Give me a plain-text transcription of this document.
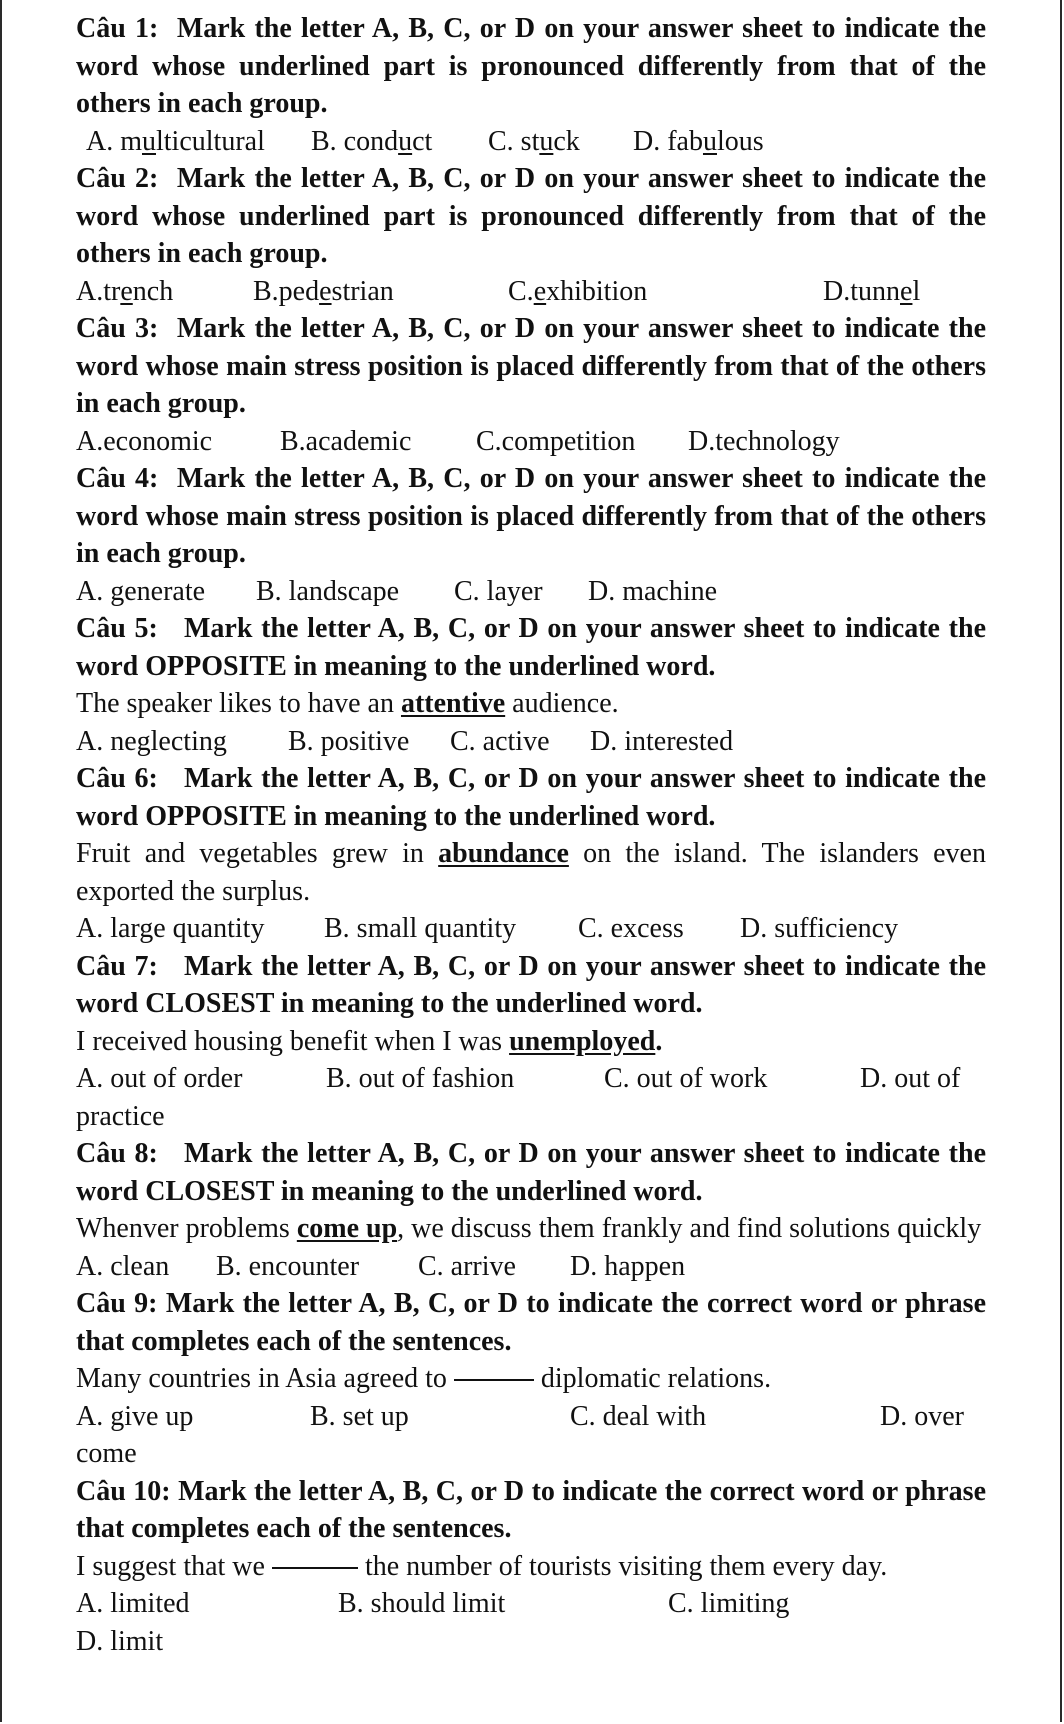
Câu 1: Mark the letter A, B, C, or D on your answer sheet to indicate the word whose underlined part is pronounced differently from that of the others in each group.

A. multicultural B. conduct C. stuck D. fabulous

Câu 2: Mark the letter A, B, C, or D on your answer sheet to indicate the word whose underlined part is pronounced differently from that of the others in each group.

A.trench	B.pedestrian	C.exhibition	D.tunnel

Câu 3: Mark the letter A, B, C, or D on your answer sheet to indicate the word whose main stress position is placed differently from that of the others in each group.

A.economic B.academic C.competition D.technology

Câu 4: Mark the letter A, B, C, or D on your answer sheet to indicate the word whose main stress position is placed differently from that of the others in each group.

A. generate B. landscape C. layer D. machine

Câu 5: Mark the letter A, B, C, or D on your answer sheet to indicate the word OPPOSITE in meaning to the underlined word.

The speaker likes to have an attentive audience.

A. neglecting B. positive C. active D. interested

Câu 6: Mark the letter A, B, C, or D on your answer sheet to indicate the word OPPOSITE in meaning to the underlined word.

Fruit and vegetables grew in abundance on the island. The islanders even exported the surplus.

A. large quantity B. small quantity C. excess D. sufficiency

Câu 7: Mark the letter A, B, C, or D on your answer sheet to indicate the word CLOSEST in meaning to the underlined word.

I received housing benefit when I was unemployed.

A. out of order	B. out of fashion	C. out of work	D. out of practice

Câu 8: Mark the letter A, B, C, or D on your answer sheet to indicate the word CLOSEST in meaning to the underlined word.

Whenver problems come up, we discuss them frankly and find solutions quickly

A. clean B. encounter C. arrive D. happen

Câu 9: Mark the letter A, B, C, or D to indicate the correct word or phrase that completes each of the sentences.

Many countries in Asia agreed to	diplomatic relations.

A. give up	B. set up	C. deal with	D. over come

Câu 10: Mark the letter A, B, C, or D to indicate the correct word or phrase that completes each of the sentences.

I suggest that we	the number of tourists visiting them every day.

A. limited	B. should limit	C. limiting
D. limit
